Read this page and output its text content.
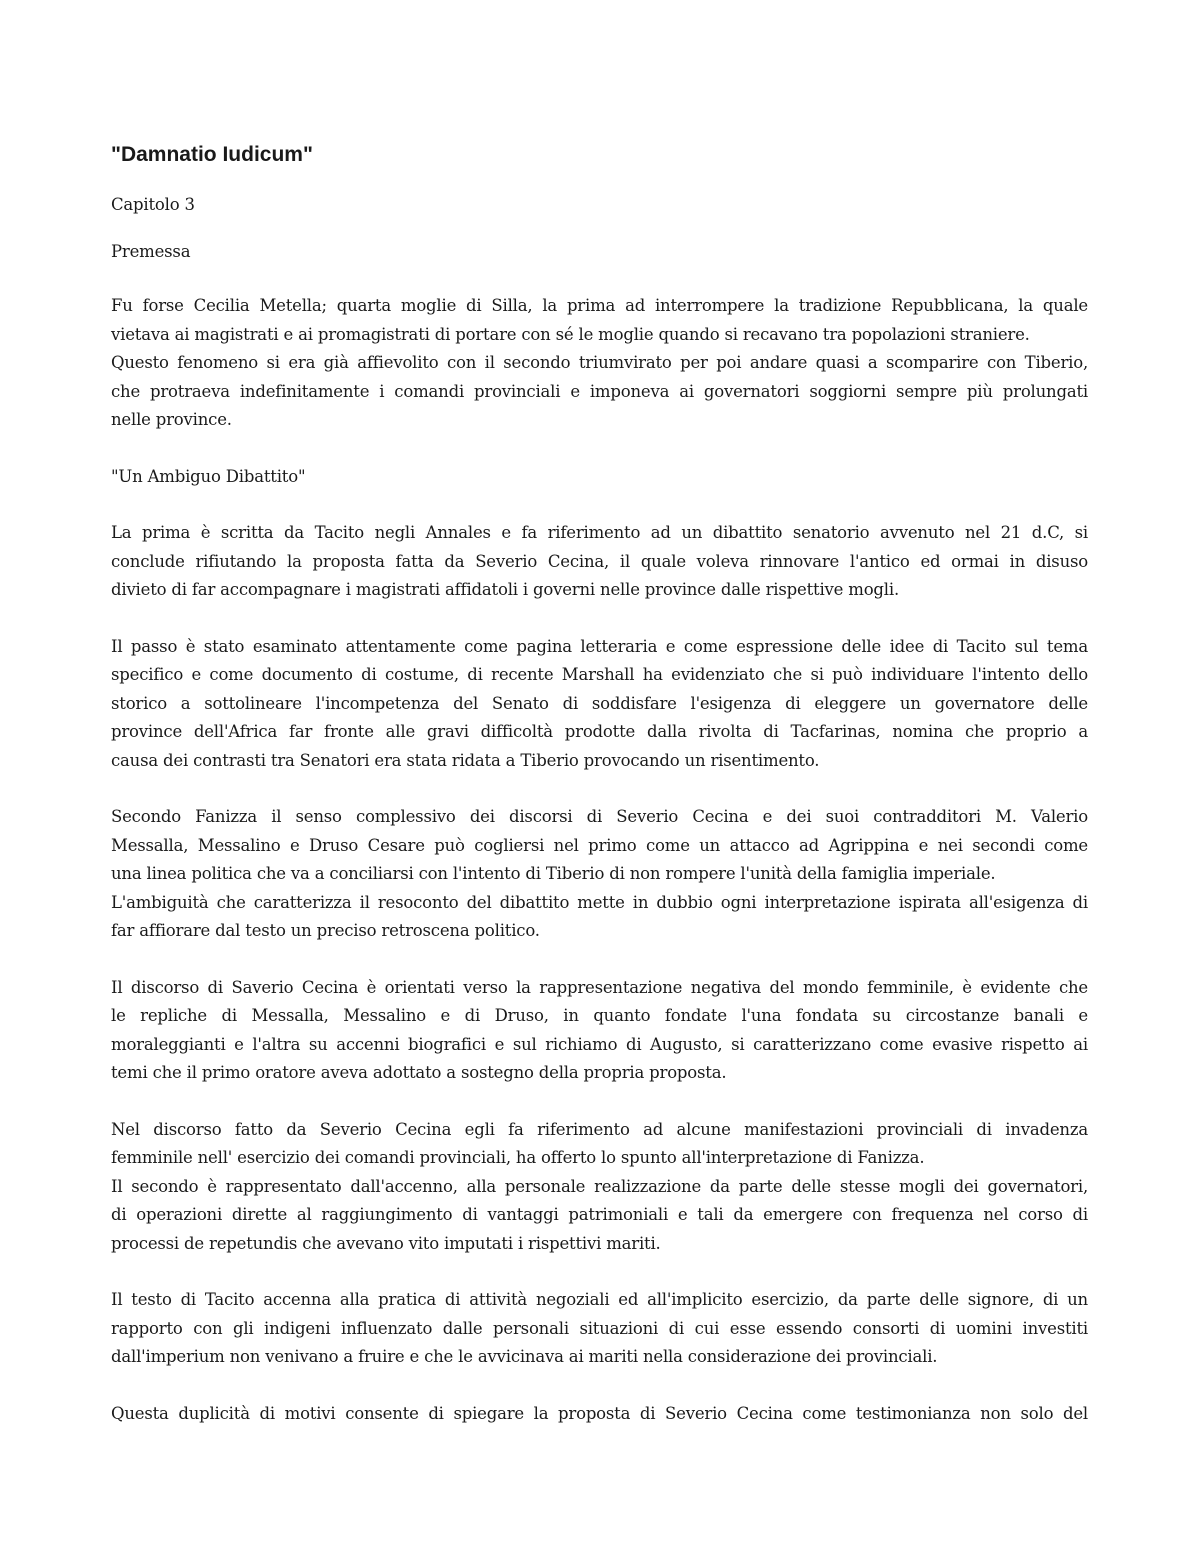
"Damnatio Iudicum"
Capitolo 3
Premessa
Fu forse Cecilia Metella; quarta moglie di Silla, la prima ad interrompere la tradizione Repubblicana, la quale
vietava ai magistrati e ai promagistrati di portare con sé le moglie quando si recavano tra popolazioni straniere.
Questo fenomeno si era già affievolito con il secondo triumvirato per poi andare quasi a scomparire con Tiberio,
che protraeva indefinitamente i comandi provinciali e imponeva ai governatori soggiorni sempre più prolungati
nelle province.
"Un Ambiguo Dibattito"
La prima è scritta da Tacito negli Annales e fa riferimento ad un dibattito senatorio avvenuto nel 21 d.C, si
conclude rifiutando la proposta fatta da Severio Cecina, il quale voleva rinnovare l'antico ed ormai in disuso
divieto di far accompagnare i magistrati affidatoli i governi nelle province dalle rispettive mogli.
Il passo è stato esaminato attentamente come pagina letteraria e come espressione delle idee di Tacito sul tema
specifico e come documento di costume, di recente Marshall ha evidenziato che si può individuare l'intento dello
storico a sottolineare l'incompetenza del Senato di soddisfare l'esigenza di eleggere un governatore delle
province dell'Africa far fronte alle gravi difficoltà prodotte dalla rivolta di Tacfarinas, nomina che proprio a
causa dei contrasti tra Senatori era stata ridata a Tiberio provocando un risentimento.
Secondo Fanizza il senso complessivo dei discorsi di Severio Cecina e dei suoi contradditori M. Valerio
Messalla, Messalino e Druso Cesare può cogliersi nel primo come un attacco ad Agrippina e nei secondi come
una linea politica che va a conciliarsi con l'intento di Tiberio di non rompere l'unità della famiglia imperiale.
L'ambiguità che caratterizza il resoconto del dibattito mette in dubbio ogni interpretazione ispirata all'esigenza di
far affiorare dal testo un preciso retroscena politico.
Il discorso di Saverio Cecina è orientati verso la rappresentazione negativa del mondo femminile, è evidente che
le repliche di Messalla, Messalino e di Druso, in quanto fondate l'una fondata su circostanze banali e
moraleggianti e l'altra su accenni biografici e sul richiamo di Augusto, si caratterizzano come evasive rispetto ai
temi che il primo oratore aveva adottato a sostegno della propria proposta.
Nel discorso fatto da Severio Cecina egli fa riferimento ad alcune manifestazioni provinciali di invadenza
femminile nell' esercizio dei comandi provinciali, ha offerto lo spunto all'interpretazione di Fanizza.
Il secondo è rappresentato dall'accenno, alla personale realizzazione da parte delle stesse mogli dei governatori,
di operazioni dirette al raggiungimento di vantaggi patrimoniali e tali da emergere con frequenza nel corso di
processi de repetundis che avevano vito imputati i rispettivi mariti.
Il testo di Tacito accenna alla pratica di attività negoziali ed all'implicito esercizio, da parte delle signore, di un
rapporto con gli indigeni influenzato dalle personali situazioni di cui esse essendo consorti di uomini investiti
dall'imperium non venivano a fruire e che le avvicinava ai mariti nella considerazione dei provinciali.
Questa duplicità di motivi consente di spiegare la proposta di Severio Cecina come testimonianza non solo del
